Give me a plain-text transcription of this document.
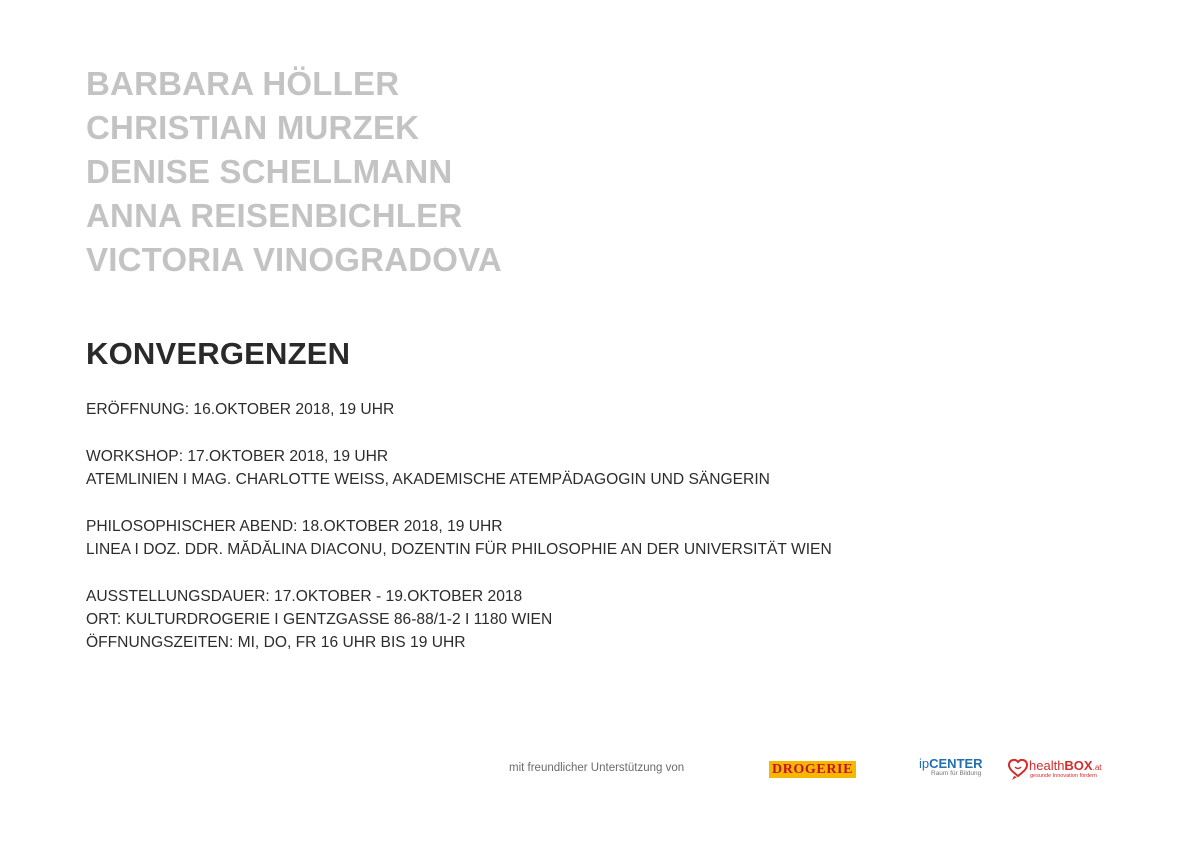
BARBARA HÖLLER
CHRISTIAN MURZEK
DENISE SCHELLMANN
ANNA REISENBICHLER
VICTORIA VINOGRADOVA
KONVERGENZEN
ERÖFFNUNG: 16.OKTOBER 2018, 19 UHR
WORKSHOP: 17.OKTOBER 2018, 19 UHR
ATEMLINIEN I MAG. CHARLOTTE WEISS, AKADEMISCHE ATEMPÄDAGOGIN UND SÄNGERIN
PHILOSOPHISCHER ABEND: 18.OKTOBER 2018, 19 UHR
LINEA I DOZ. DDR. MĂDĂLINA DIACONU, DOZENTIN FÜR PHILOSOPHIE AN DER UNIVERSITÄT WIEN
AUSSTELLUNGSDAUER: 17.OKTOBER - 19.OKTOBER 2018
ORT: KULTURDROGERIE I GENTZGASSE 86-88/1-2 I 1180 WIEN
ÖFFNUNGSZEITEN: MI, DO, FR 16 UHR BIS 19 UHR
mit freundlicher Unterstützung von	DROGERIE	ipCENTER
Raum für Bildung
healthBOX.at
gesunde Innovation fördern
